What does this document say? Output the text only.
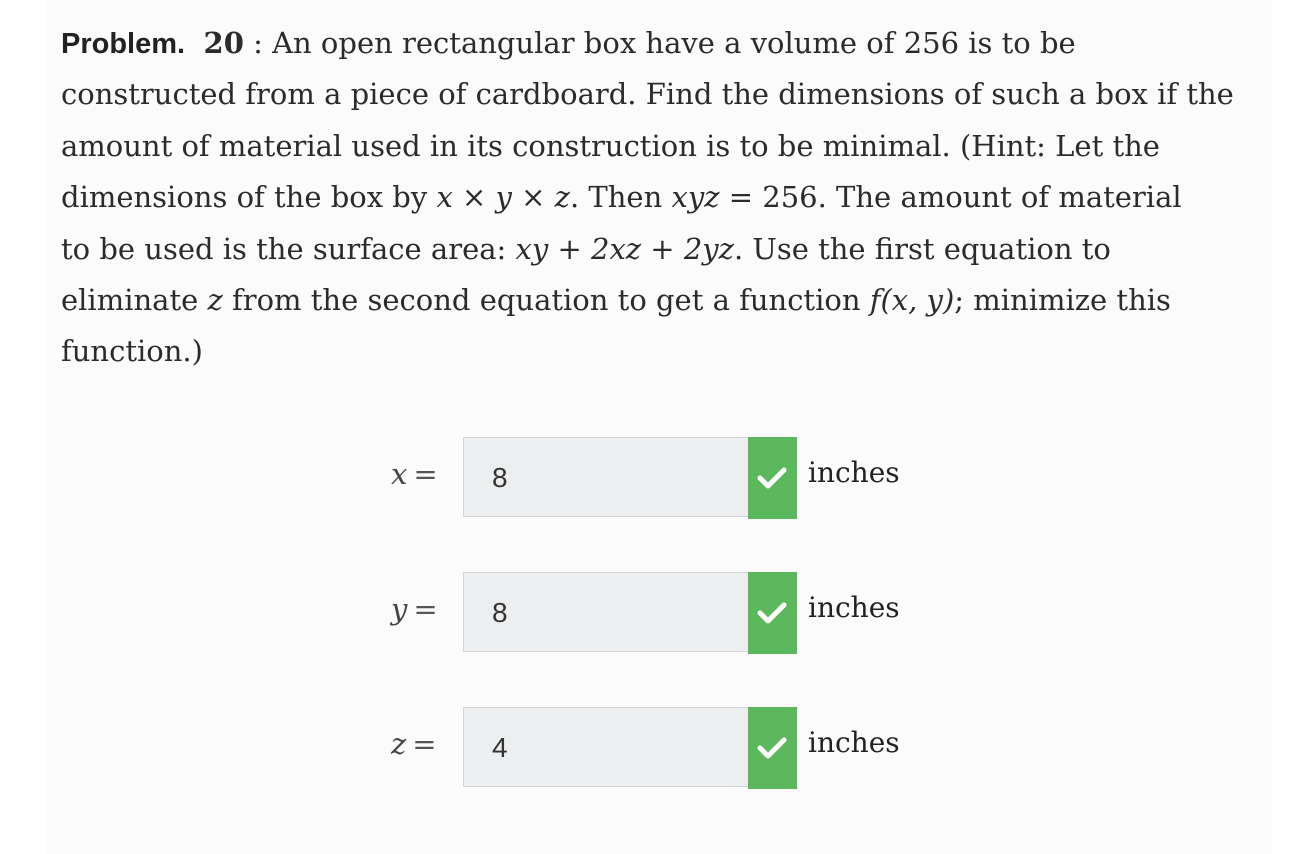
Problem. 20 : An open rectangular box have a volume of 256 is to be
constructed from a piece of cardboard. Find the dimensions of such a box if the
amount of material used in its construction is to be minimal. (Hint: Let the
dimensions of the box by x × y × z. Then xyz = 256. The amount of material
to be used is the surface area: xy + 2xz + 2yz. Use the first equation to
eliminate z from the second equation to get a function f(x, y); minimize this
function.)
x =	8	inches
y =	8	inches
z =	4	inches
